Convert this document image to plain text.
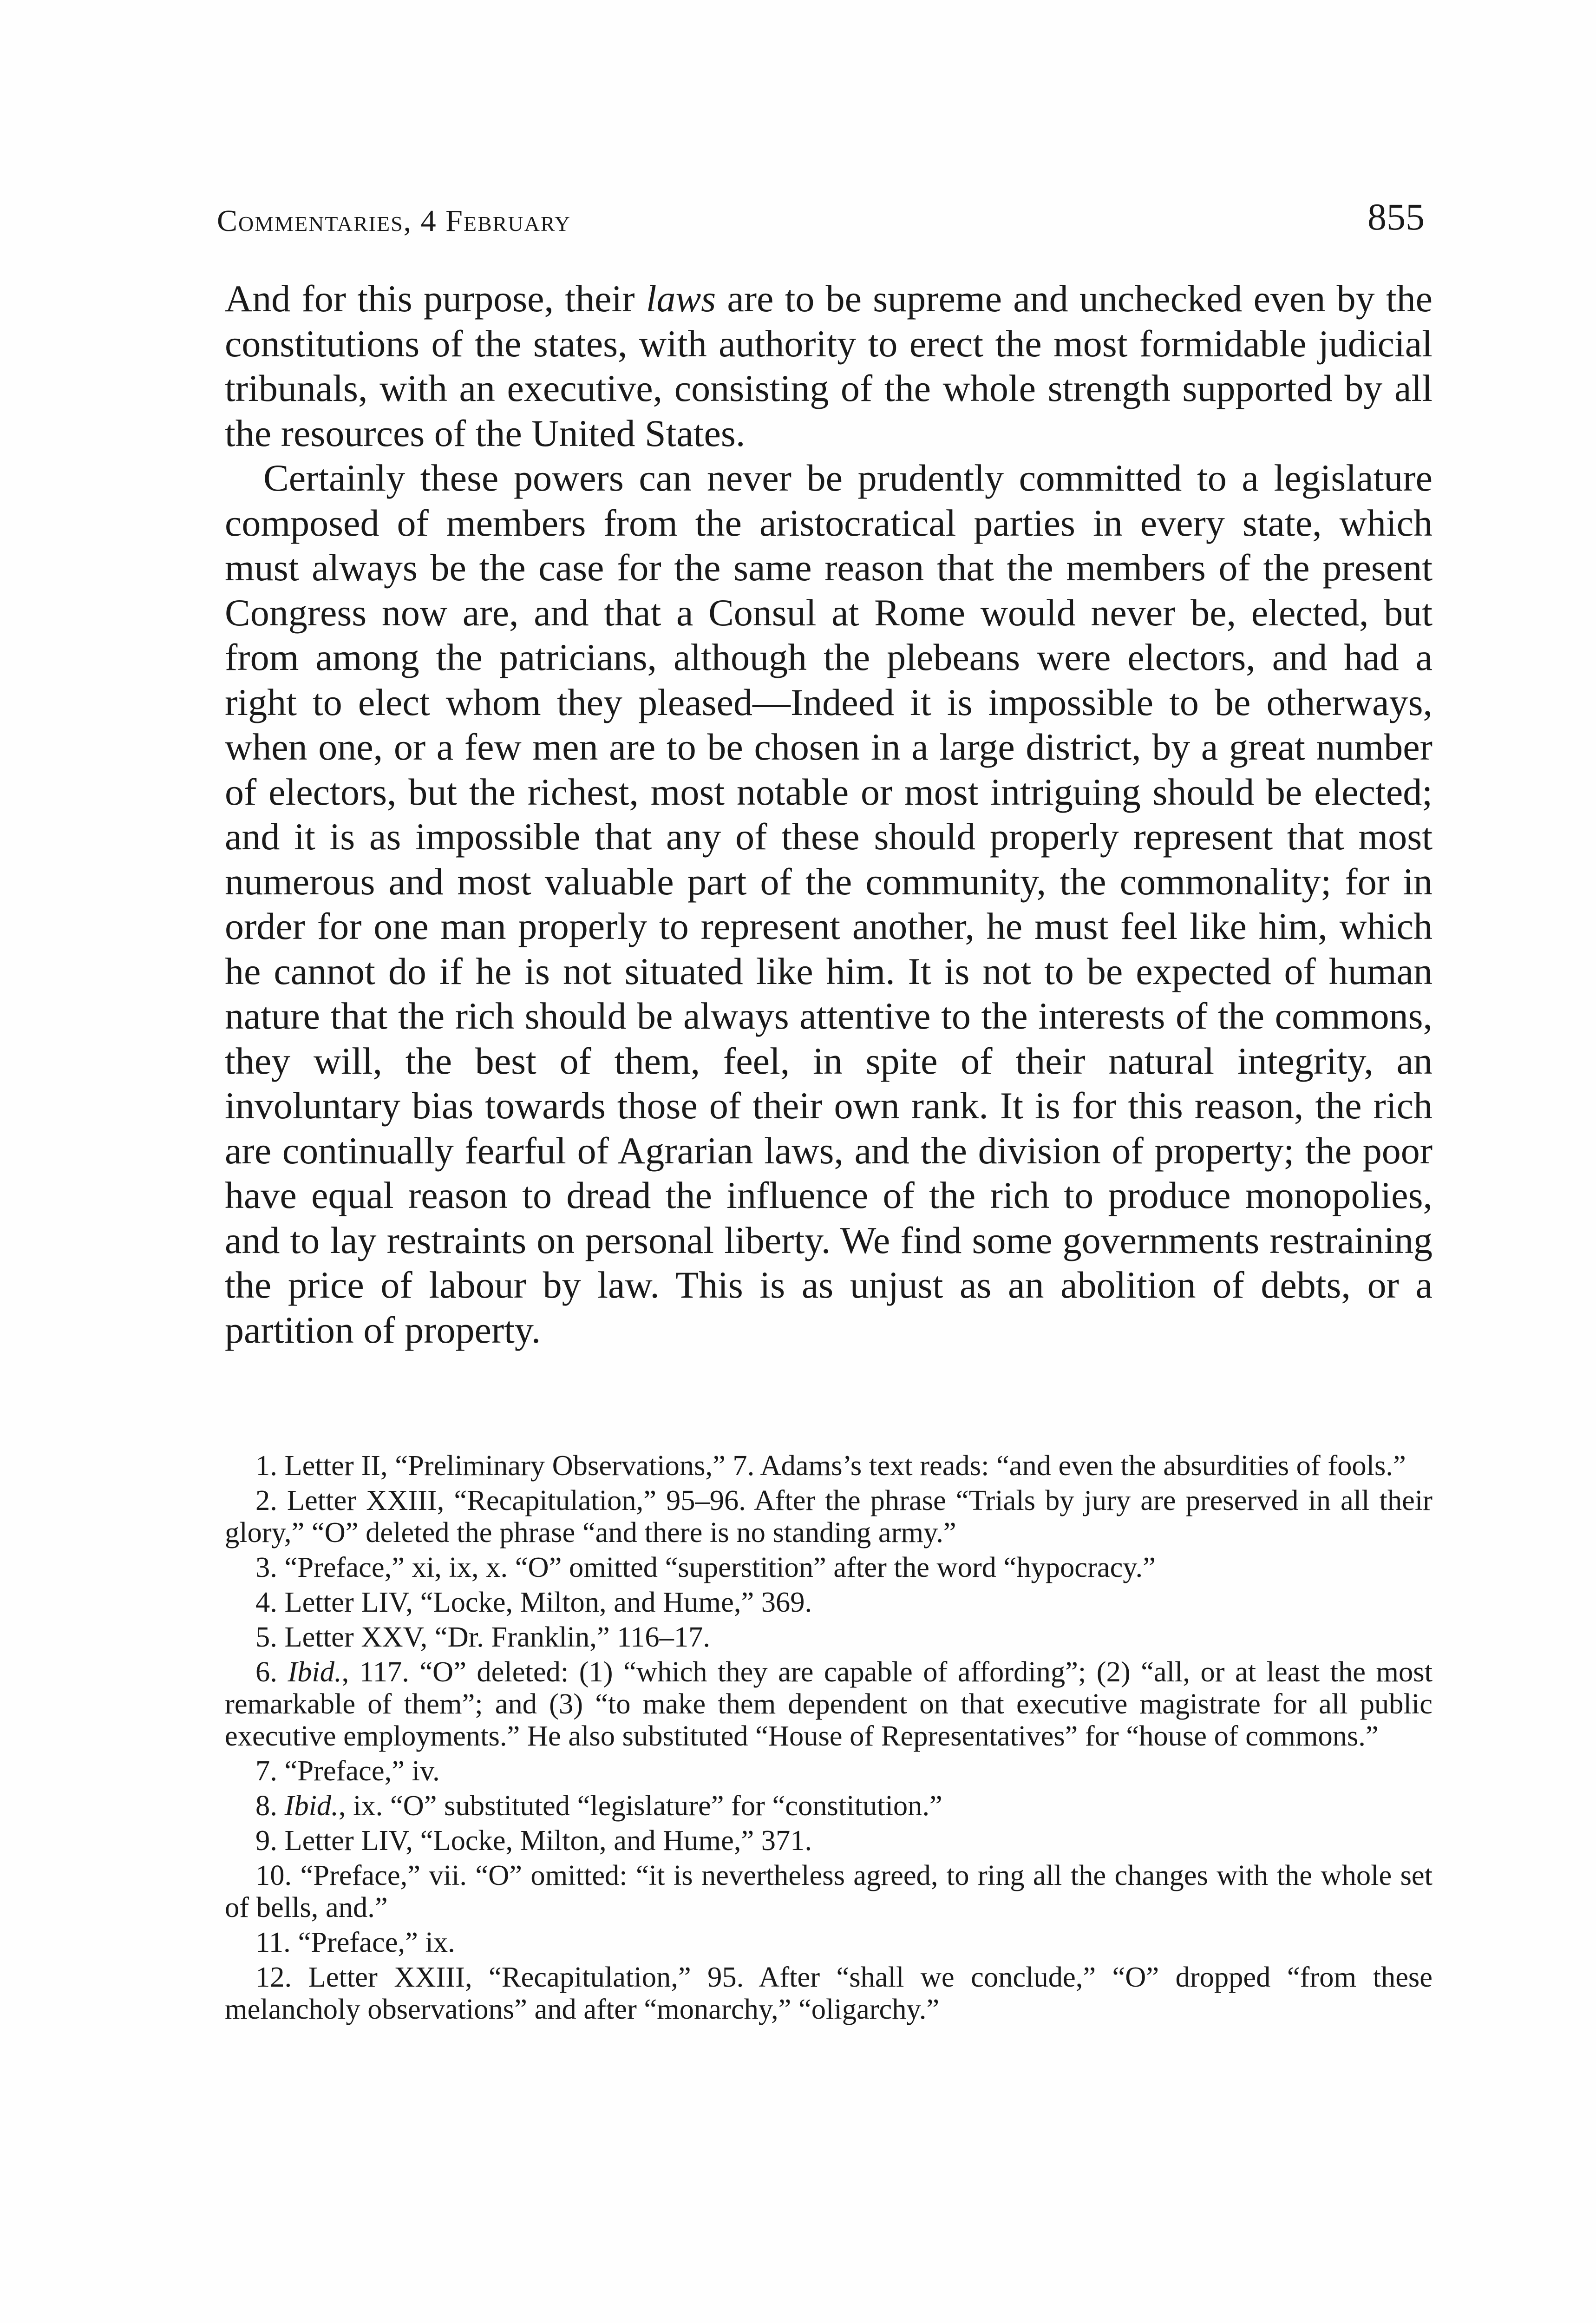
Commentaries, 4 February	855

And for this purpose, their laws are to be supreme and unchecked even by the constitutions of the states, with authority to erect the most formidable judicial tribunals, with an executive, consisting of the whole strength supported by all the resources of the United States.

Certainly these powers can never be prudently committed to a legislature composed of members from the aristocratical parties in every state, which must always be the case for the same reason that the members of the present Congress now are, and that a Consul at Rome would never be, elected, but from among the patricians, although the plebeans were electors, and had a right to elect whom they pleased—Indeed it is impossible to be otherways, when one, or a few men are to be chosen in a large district, by a great number of electors, but the richest, most notable or most intriguing should be elected; and it is as impossible that any of these should properly represent that most numerous and most valuable part of the community, the commonality; for in order for one man properly to represent another, he must feel like him, which he cannot do if he is not situated like him. It is not to be expected of human nature that the rich should be always attentive to the interests of the commons, they will, the best of them, feel, in spite of their natural integrity, an involuntary bias towards those of their own rank. It is for this reason, the rich are continually fearful of Agrarian laws, and the division of property; the poor have equal reason to dread the influence of the rich to produce monopolies, and to lay restraints on personal liberty. We find some governments restraining the price of labour by law. This is as unjust as an abolition of debts, or a partition of property.

1. Letter II, “Preliminary Observations,” 7. Adams’s text reads: “and even the absurdities of fools.”

2. Letter XXIII, “Recapitulation,” 95–96. After the phrase “Trials by jury are preserved in all their glory,” “O” deleted the phrase “and there is no standing army.”

3. “Preface,” xi, ix, x. “O” omitted “superstition” after the word “hypocracy.”

4. Letter LIV, “Locke, Milton, and Hume,” 369.

5. Letter XXV, “Dr. Franklin,” 116–17.

6. Ibid., 117. “O” deleted: (1) “which they are capable of affording”; (2) “all, or at least the most remarkable of them”; and (3) “to make them dependent on that executive magistrate for all public executive employments.” He also substituted “House of Representatives” for “house of commons.”

7. “Preface,” iv.

8. Ibid., ix. “O” substituted “legislature” for “constitution.”

9. Letter LIV, “Locke, Milton, and Hume,” 371.

10. “Preface,” vii. “O” omitted: “it is nevertheless agreed, to ring all the changes with the whole set of bells, and.”

11. “Preface,” ix.

12. Letter XXIII, “Recapitulation,” 95. After “shall we conclude,” “O” dropped “from these melancholy observations” and after “monarchy,” “oligarchy.”
